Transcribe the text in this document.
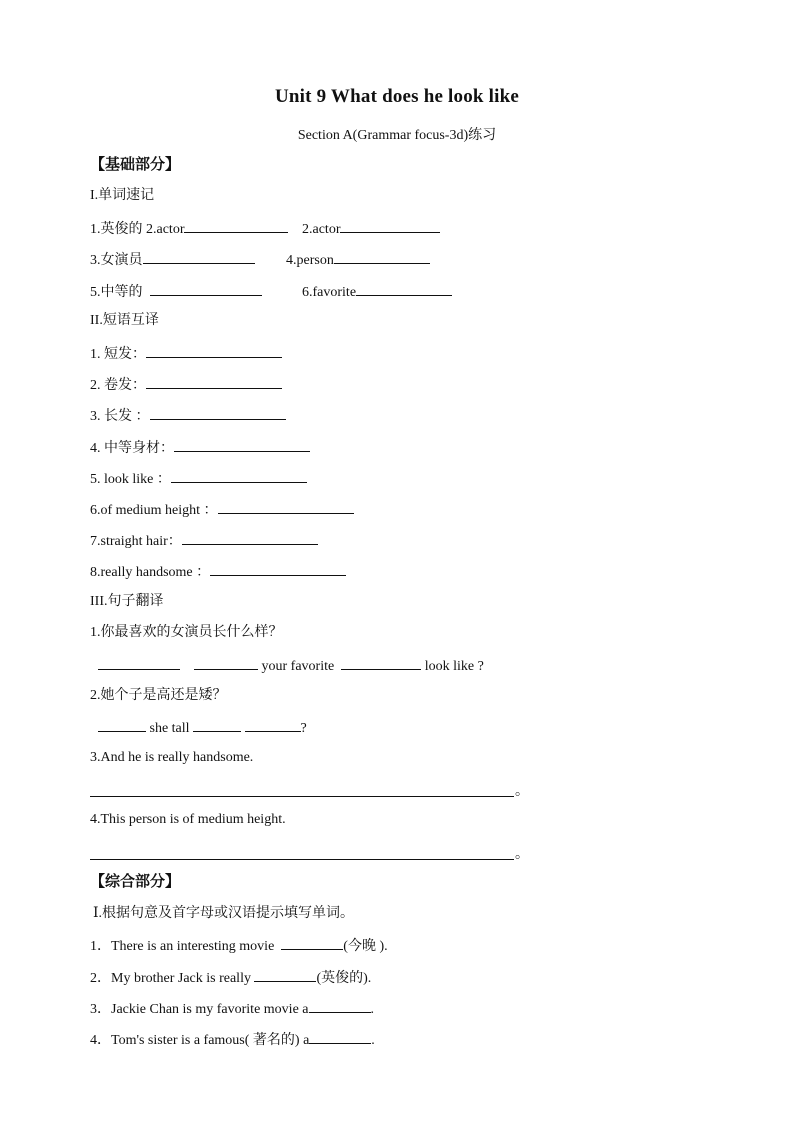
Unit 9 What does he look like
Section A(Grammar focus-3d)练习
【基础部分】
I.单词速记
1.英俊的 2.actor	2.actor
3.女演员	4.person
5.中等的	6.favorite
II.短语互译
1. 短发：
2. 卷发：
3. 长发 ：
4. 中等身材：
5. look like ：
6.of medium height ：
7.straight hair：
8.really handsome ：
III.句子翻译
1.你最喜欢的女演员长什么样？
your favorite	look like ?
2.她个子是高还是矮？
she tall	?
3.And he is really handsome.
。
4.This person is of medium height.
。
【综合部分】
Ⅰ.根据句意及首字母或汉语提示填写单词。
1．There is an interesting movie	(今晚 ).
2．My brother Jack is really	(英俊的).
3．Jackie Chan is my favorite movie a	.
4．Tom's sister is a famous( 著名的) a	.
